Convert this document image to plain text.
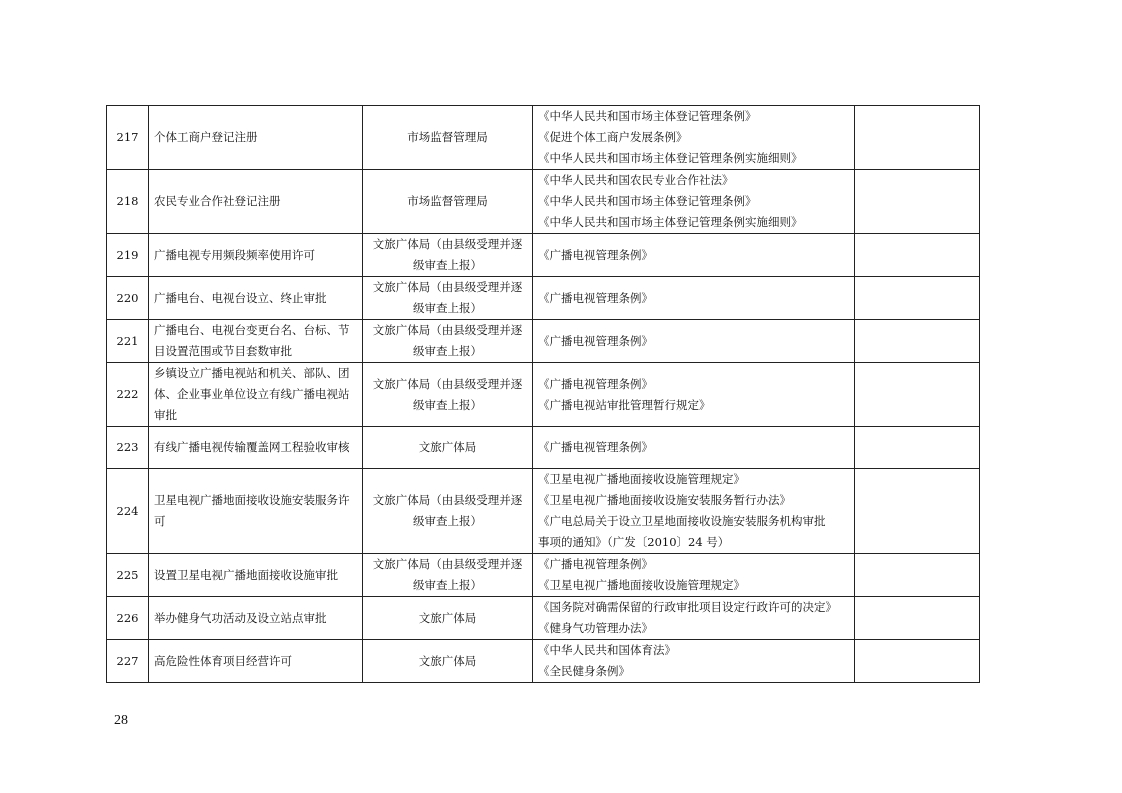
217	个体工商户登记注册	市场监督管理局	《中华人民共和国市场主体登记管理条例》
《促进个体工商户发展条例》
《中华人民共和国市场主体登记管理条例实施细则》	

218	农民专业合作社登记注册	市场监督管理局	《中华人民共和国农民专业合作社法》
《中华人民共和国市场主体登记管理条例》
《中华人民共和国市场主体登记管理条例实施细则》	

219	广播电视专用频段频率使用许可	文旅广体局（由县级受理并逐级审查上报）	《广播电视管理条例》	

220	广播电台、电视台设立、终止审批	文旅广体局（由县级受理并逐级审查上报）	《广播电视管理条例》	

221	广播电台、电视台变更台名、台标、节目设置范围或节目套数审批	文旅广体局（由县级受理并逐级审查上报）	《广播电视管理条例》	

222	乡镇设立广播电视站和机关、部队、团体、企业事业单位设立有线广播电视站审批	文旅广体局（由县级受理并逐级审查上报）	《广播电视管理条例》
《广播电视站审批管理暂行规定》	

223	有线广播电视传输覆盖网工程验收审核	文旅广体局	《广播电视管理条例》	

224	卫星电视广播地面接收设施安装服务许可	文旅广体局（由县级受理并逐级审查上报）	《卫星电视广播地面接收设施管理规定》
《卫星电视广播地面接收设施安装服务暂行办法》
《广电总局关于设立卫星地面接收设施安装服务机构审批
事项的通知》（广发〔2010〕24 号）	

225	设置卫星电视广播地面接收设施审批	文旅广体局（由县级受理并逐级审查上报）	《广播电视管理条例》
《卫星电视广播地面接收设施管理规定》	

226	举办健身气功活动及设立站点审批	文旅广体局	《国务院对确需保留的行政审批项目设定行政许可的决定》
《健身气功管理办法》	

227	高危险性体育项目经营许可	文旅广体局	《中华人民共和国体育法》
《全民健身条例》	

28
